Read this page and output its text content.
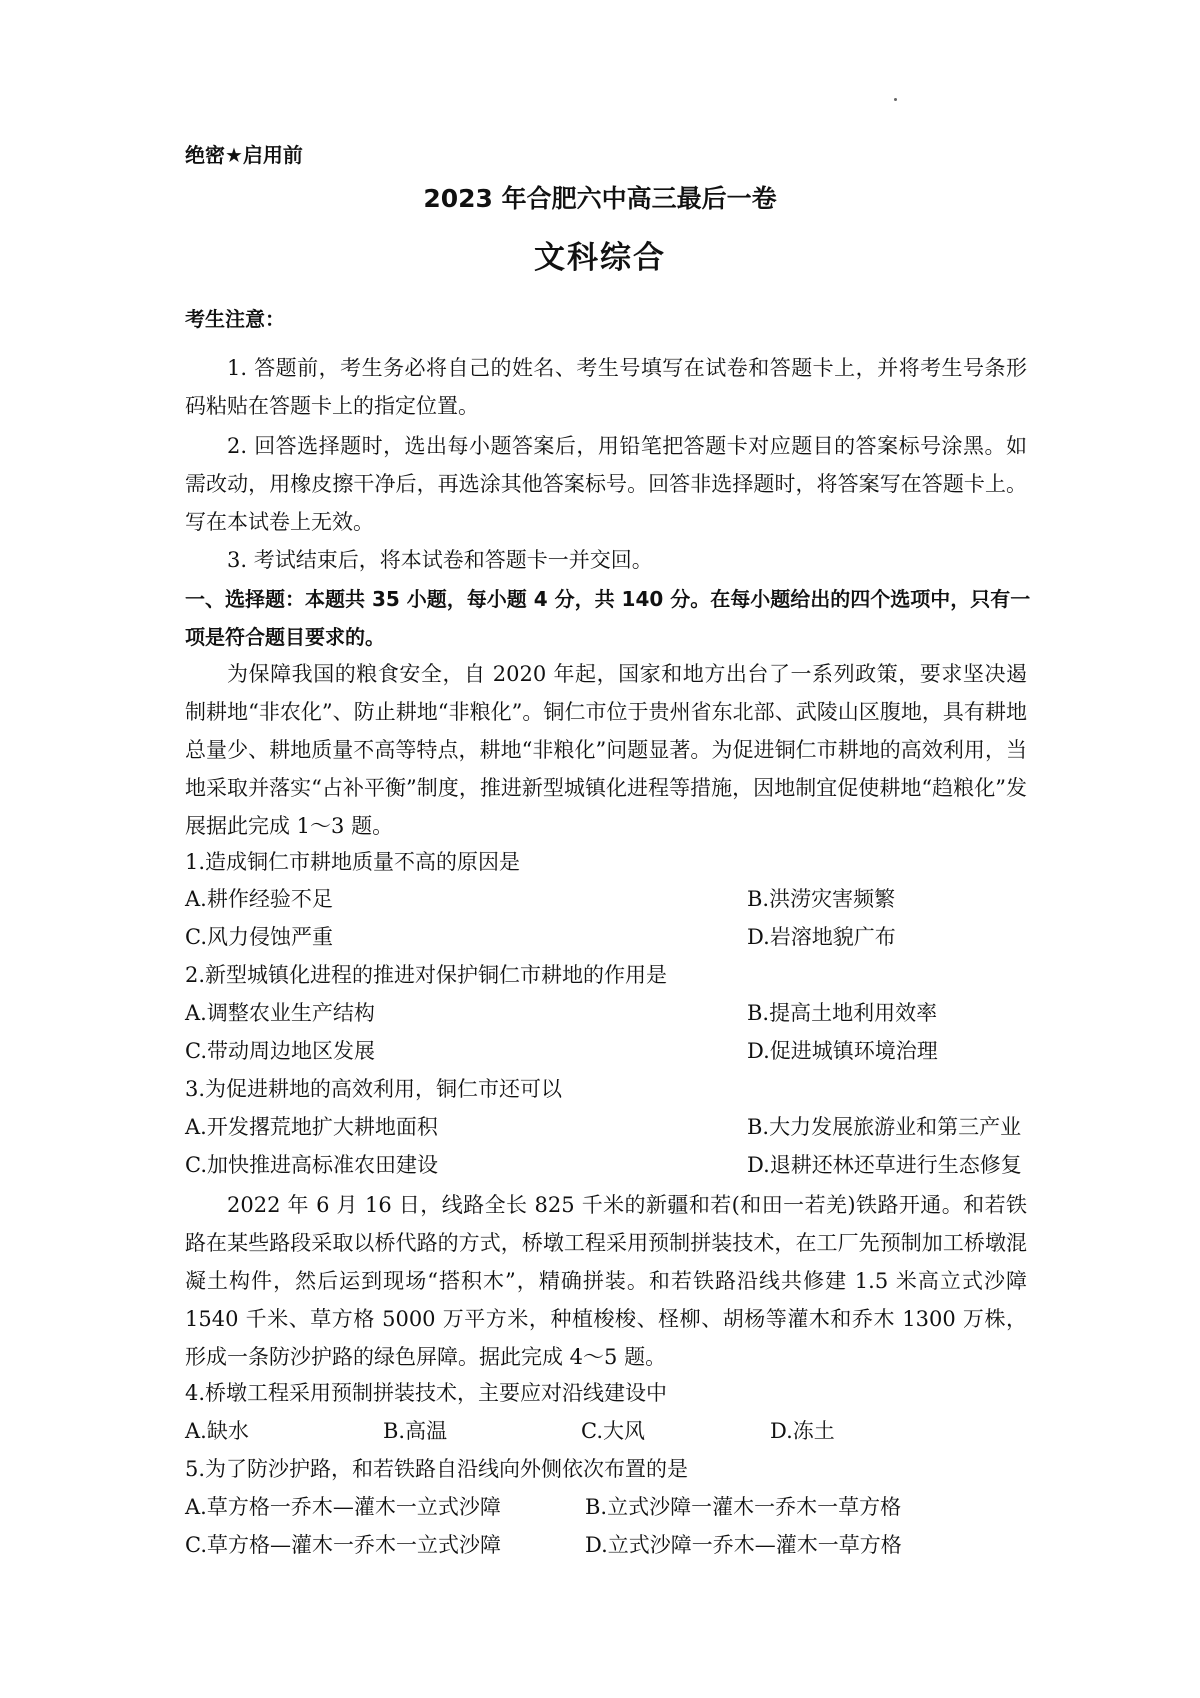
绝密★启用前
2023 年合肥六中高三最后一卷
文科综合
考生注意：
1. 答题前，考生务必将自己的姓名、考生号填写在试卷和答题卡上，并将考生号条形码粘贴在答题卡上的指定位置。
2. 回答选择题时，选出每小题答案后，用铅笔把答题卡对应题目的答案标号涂黑。如需改动，用橡皮擦干净后，再选涂其他答案标号。回答非选择题时，将答案写在答题卡上。写在本试卷上无效。
3. 考试结束后，将本试卷和答题卡一并交回。
一、选择题：本题共 35 小题，每小题 4 分，共 140 分。在每小题给出的四个选项中，只有一项是符合题目要求的。
为保障我国的粮食安全，自 2020 年起，国家和地方出台了一系列政策，要求坚决遏制耕地“非农化”、防止耕地“非粮化”。铜仁市位于贵州省东北部、武陵山区腹地，具有耕地总量少、耕地质量不高等特点，耕地“非粮化”问题显著。为促进铜仁市耕地的高效利用，当地采取并落实“占补平衡”制度，推进新型城镇化进程等措施，因地制宜促使耕地“趋粮化”发展据此完成 1～3 题。
1.造成铜仁市耕地质量不高的原因是
A.耕作经验不足	B.洪涝灾害频繁
C.风力侵蚀严重	D.岩溶地貌广布
2.新型城镇化进程的推进对保护铜仁市耕地的作用是
A.调整农业生产结构	B.提高土地利用效率
C.带动周边地区发展	D.促进城镇环境治理
3.为促进耕地的高效利用，铜仁市还可以
A.开发撂荒地扩大耕地面积	B.大力发展旅游业和第三产业
C.加快推进高标准农田建设	D.退耕还林还草进行生态修复
2022 年 6 月 16 日，线路全长 825 千米的新疆和若(和田一若羌)铁路开通。和若铁路在某些路段采取以桥代路的方式，桥墩工程采用预制拼装技术，在工厂先预制加工桥墩混凝土构件，然后运到现场“搭积木”，精确拼装。和若铁路沿线共修建 1.5 米高立式沙障 1540 千米、草方格 5000 万平方米，种植梭梭、柽柳、胡杨等灌木和乔木 1300 万株，形成一条防沙护路的绿色屏障。据此完成 4～5 题。
4.桥墩工程采用预制拼装技术，主要应对沿线建设中
A.缺水	B.高温	C.大风	D.冻土
5.为了防沙护路，和若铁路自沿线向外侧依次布置的是
A.草方格一乔木—灌木一立式沙障	B.立式沙障一灌木一乔木一草方格
C.草方格—灌木一乔木一立式沙障	D.立式沙障一乔木—灌木一草方格
